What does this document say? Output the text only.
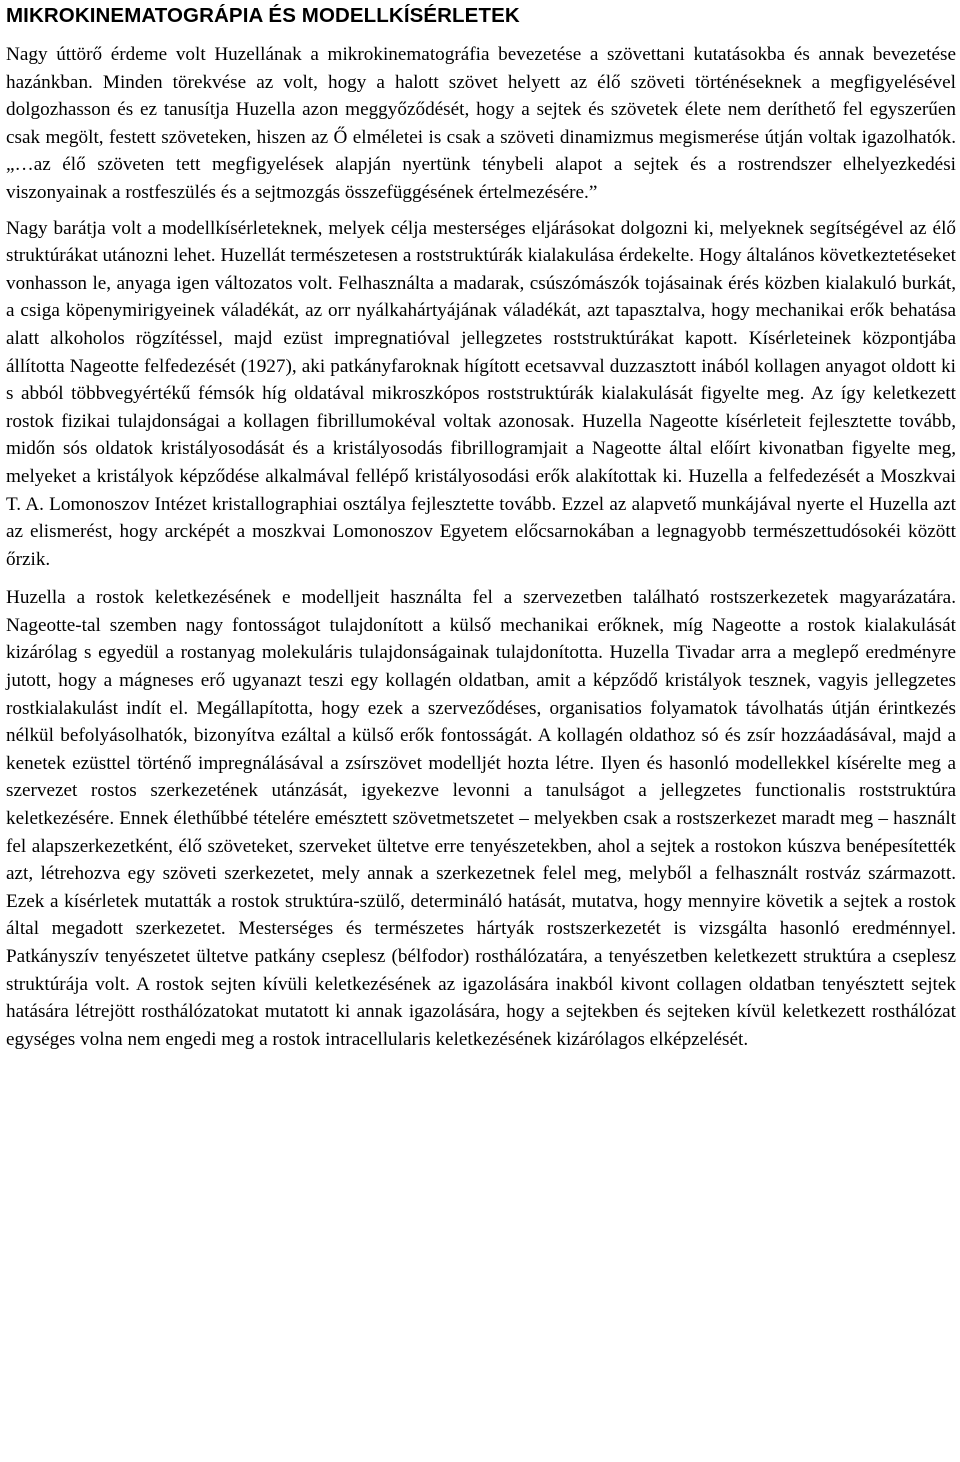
MIKROKINEMATOGRÁPIA ÉS MODELLKÍSÉRLETEK

Nagy úttörő érdeme volt Huzellának a mikrokinematográfia bevezetése a szövettani kutatásokba és annak bevezetése hazánkban. Minden törekvése az volt, hogy a halott szövet helyett az élő szöveti történéseknek a megfigyelésével dolgozhasson és ez tanusítja Huzella azon meggyőződését, hogy a sejtek és szövetek élete nem deríthető fel egyszerűen csak megölt, festett szöveteken, hiszen az Ő elméletei is csak a szöveti dinamizmus megismerése útján voltak igazolhatók. „…az élő szöveten tett megfigyelések alapján nyertünk ténybeli alapot a sejtek és a rostrendszer elhelyezkedési viszonyainak a rostfeszülés és a sejtmozgás összefüggésének értelmezésére.”

Nagy barátja volt a modellkísérleteknek, melyek célja mesterséges eljárásokat dolgozni ki, melyeknek segítségével az élő struktúrákat utánozni lehet. Huzellát természetesen a roststruktúrák kialakulása érdekelte. Hogy általános következtetéseket vonhasson le, anyaga igen változatos volt. Felhasználta a madarak, csúszómászók tojásainak érés közben kialakuló burkát, a csiga köpenymirigyeinek váladékát, az orr nyálkahártyájának váladékát, azt tapasztalva, hogy mechanikai erők behatása alatt alkoholos rögzítéssel, majd ezüst impregnatióval jellegzetes roststruktúrákat kapott. Kísérleteinek központjába állította Nageotte felfedezését (1927), aki patkányfaroknak hígított ecetsavval duzzasztott inából kollagen anyagot oldott ki s abból többvegyértékű fémsók híg oldatával mikroszkópos roststruktúrák kialakulását figyelte meg. Az így keletkezett rostok fizikai tulajdonságai a kollagen fibrillumokéval voltak azonosak. Huzella Nageotte kísérleteit fejlesztette tovább, midőn sós oldatok kristályosodását és a kristályosodás fibrillogramjait a Nageotte által előírt kivonatban figyelte meg, melyeket a kristályok képződése alkalmával fellépő kristályosodási erők alakítottak ki. Huzella a felfedezését a Moszkvai T. A. Lomonoszov Intézet kristallographiai osztálya fejlesztette tovább. Ezzel az alapvető munkájával nyerte el Huzella azt az elismerést, hogy arcképét a moszkvai Lomonoszov Egyetem előcsarnokában a legnagyobb természettudósokéi között őrzik.

Huzella a rostok keletkezésének e modelljeit használta fel a szervezetben található rostszerkezetek magyarázatára. Nageotte-tal szemben nagy fontosságot tulajdonított a külső mechanikai erőknek, míg Nageotte a rostok kialakulását kizárólag s egyedül a rostanyag molekuláris tulajdonságainak tulajdonította. Huzella Tivadar arra a meglepő eredményre jutott, hogy a mágneses erő ugyanazt teszi egy kollagén oldatban, amit a képződő kristályok tesznek, vagyis jellegzetes rostkialakulást indít el. Megállapította, hogy ezek a szerveződéses, organisatios folyamatok távolhatás útján érintkezés nélkül befolyásolhatók, bizonyítva ezáltal a külső erők fontosságát. A kollagén oldathoz só és zsír hozzáadásával, majd a kenetek ezüsttel történő impregnálásával a zsírszövet modelljét hozta létre. Ilyen és hasonló modellekkel kísérelte meg a szervezet rostos szerkezetének utánzását, igyekezve levonni a tanulságot a jellegzetes functionalis roststruktúra keletkezésére. Ennek élethűbbé tételére emésztett szövetmetszetet – melyekben csak a rostszerkezet maradt meg – használt fel alapszerkezetként, élő szöveteket, szerveket ültetve erre tenyészetekben, ahol a sejtek a rostokon kúszva benépesítették azt, létrehozva egy szöveti szerkezetet, mely annak a szerkezetnek felel meg, melyből a felhasznált rostváz származott. Ezek a kísérletek mutatták a rostok struktúra-szülő, determináló hatását, mutatva, hogy mennyire követik a sejtek a rostok által megadott szerkezetet. Mesterséges és természetes hártyák rostszerkezetét is vizsgálta hasonló eredménnyel. Patkányszív tenyészetet ültetve patkány cseplesz (bélfodor) rosthálózatára, a tenyészetben keletkezett struktúra a cseplesz struktúrája volt. A rostok sejten kívüli keletkezésének az igazolására inakból kivont collagen oldatban tenyésztett sejtek hatására létrejött rosthálózatokat mutatott ki annak igazolására, hogy a sejtekben és sejteken kívül keletkezett rosthálózat egységes volna nem engedi meg a rostok intracellularis keletkezésének kizárólagos elképzelését.
